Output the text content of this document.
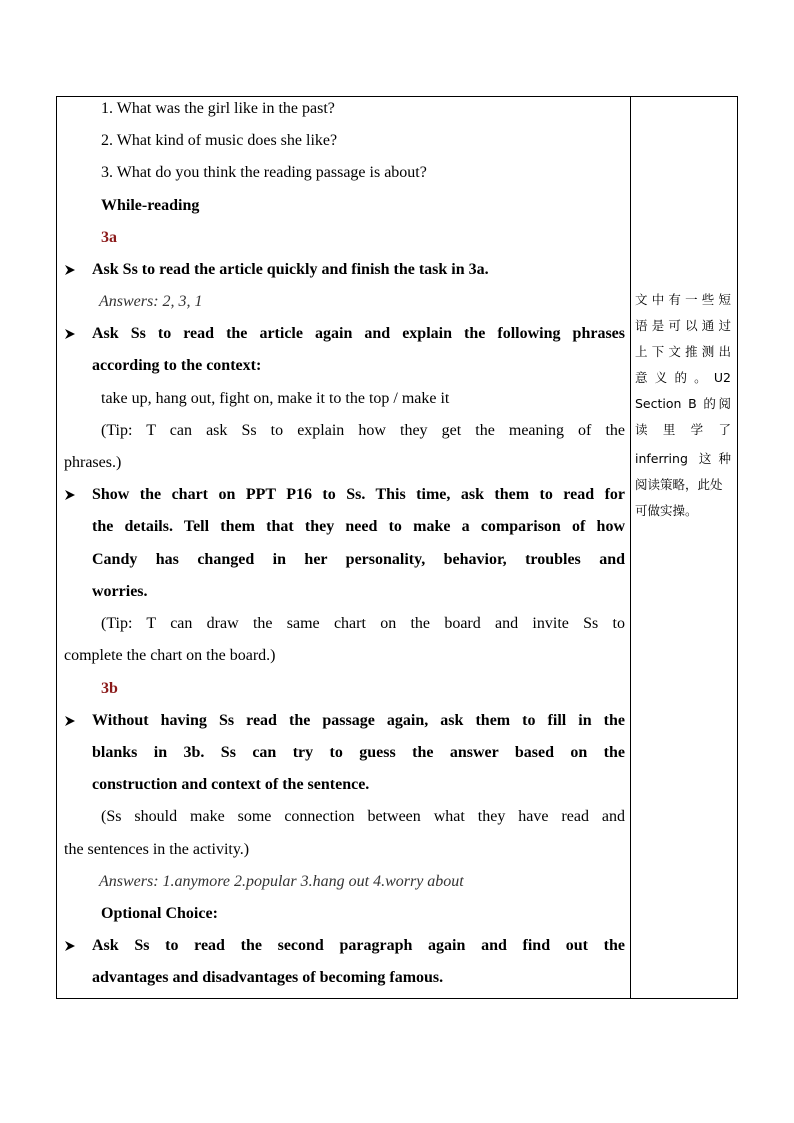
1. What was the girl like in the past?
2. What kind of music does she like?
3. What do you think the reading passage is about?
While-reading
3a
Ask Ss to read the article quickly and finish the task in 3a.
Answers: 2, 3, 1
Ask Ss to read the article again and explain the following phrases
according to the context:
take up, hang out, fight on, make it to the top / make it
(Tip: T can ask Ss to explain how they get the meaning of the
phrases.)
Show the chart on PPT P16 to Ss. This time, ask them to read for
the details. Tell them that they need to make a comparison of how
Candy has changed in her personality, behavior, troubles and
worries.
(Tip: T can draw the same chart on the board and invite Ss to
complete the chart on the board.)
3b
Without having Ss read the passage again, ask them to fill in the
blanks in 3b. Ss can try to guess the answer based on the
construction and context of the sentence.
(Ss should make some connection between what they have read and
the sentences in the activity.)
Answers: 1.anymore 2.popular 3.hang out 4.worry about
Optional Choice:
Ask Ss to read the second paragraph again and find out the
advantages and disadvantages of becoming famous.
文中有一些短
语是可以通过
上下文推测出
意义的。U2
Section B 的阅
读里学了
inferring 这种
阅读策略，此处
可做实操。
